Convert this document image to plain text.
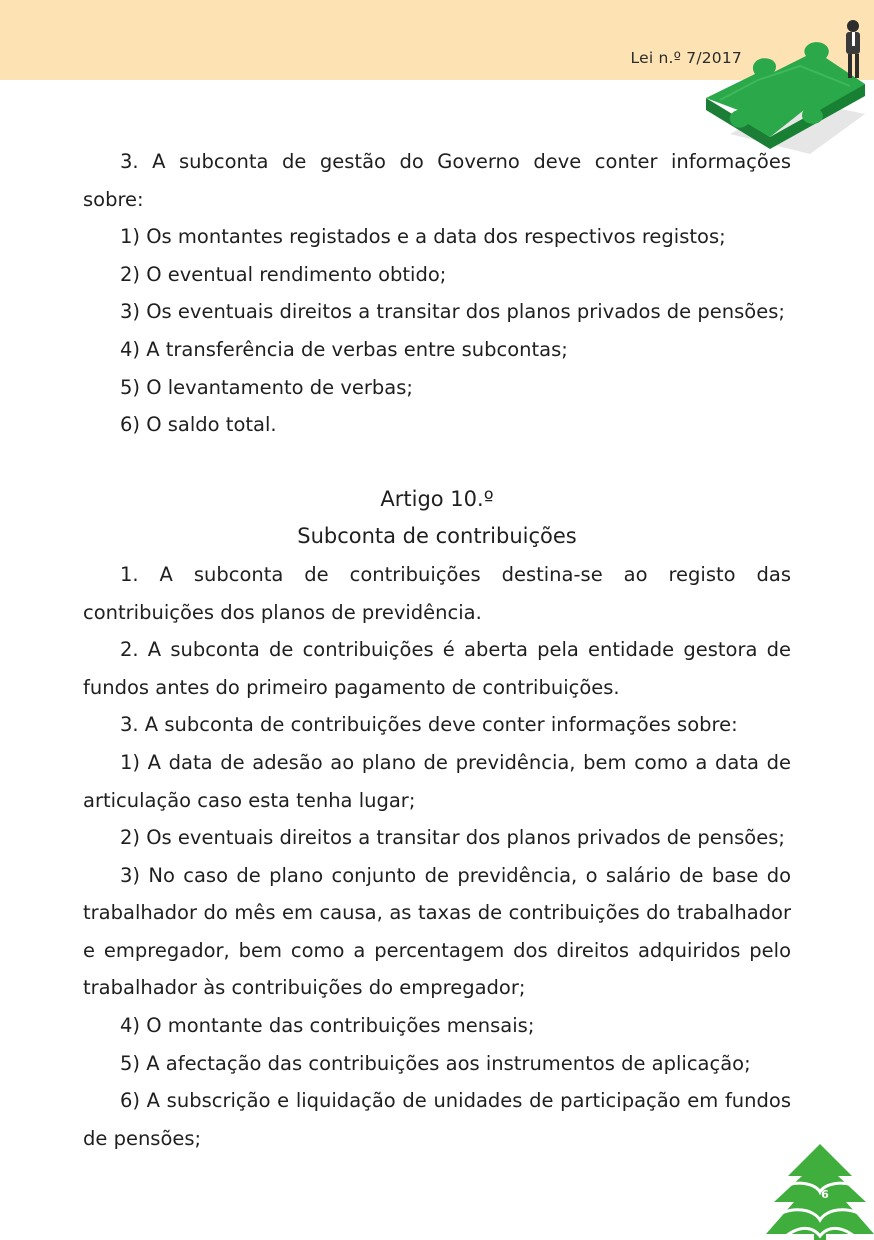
Lei n.º 7/2017

3. A subconta de gestão do Governo deve conter informações sobre:

1) Os montantes registados e a data dos respectivos registos;

2) O eventual rendimento obtido;

3) Os eventuais direitos a transitar dos planos privados de pensões;

4) A transferência de verbas entre subcontas;

5) O levantamento de verbas;

6) O saldo total.

Artigo 10.º

Subconta de contribuições

1. A subconta de contribuições destina-se ao registo das contribuições dos planos de previdência.

2. A subconta de contribuições é aberta pela entidade gestora de fundos antes do primeiro pagamento de contribuições.

3. A subconta de contribuições deve conter informações sobre:

1) A data de adesão ao plano de previdência, bem como a data de articulação caso esta tenha lugar;

2) Os eventuais direitos a transitar dos planos privados de pensões;

3) No caso de plano conjunto de previdência, o salário de base do trabalhador do mês em causa, as taxas de contribuições do trabalhador e empregador, bem como a percentagem dos direitos adquiridos pelo trabalhador às contribuições do empregador;

4) O montante das contribuições mensais;

5) A afectação das contribuições aos instrumentos de aplicação;

6) A subscrição e liquidação de unidades de participação em fundos de pensões;

6
